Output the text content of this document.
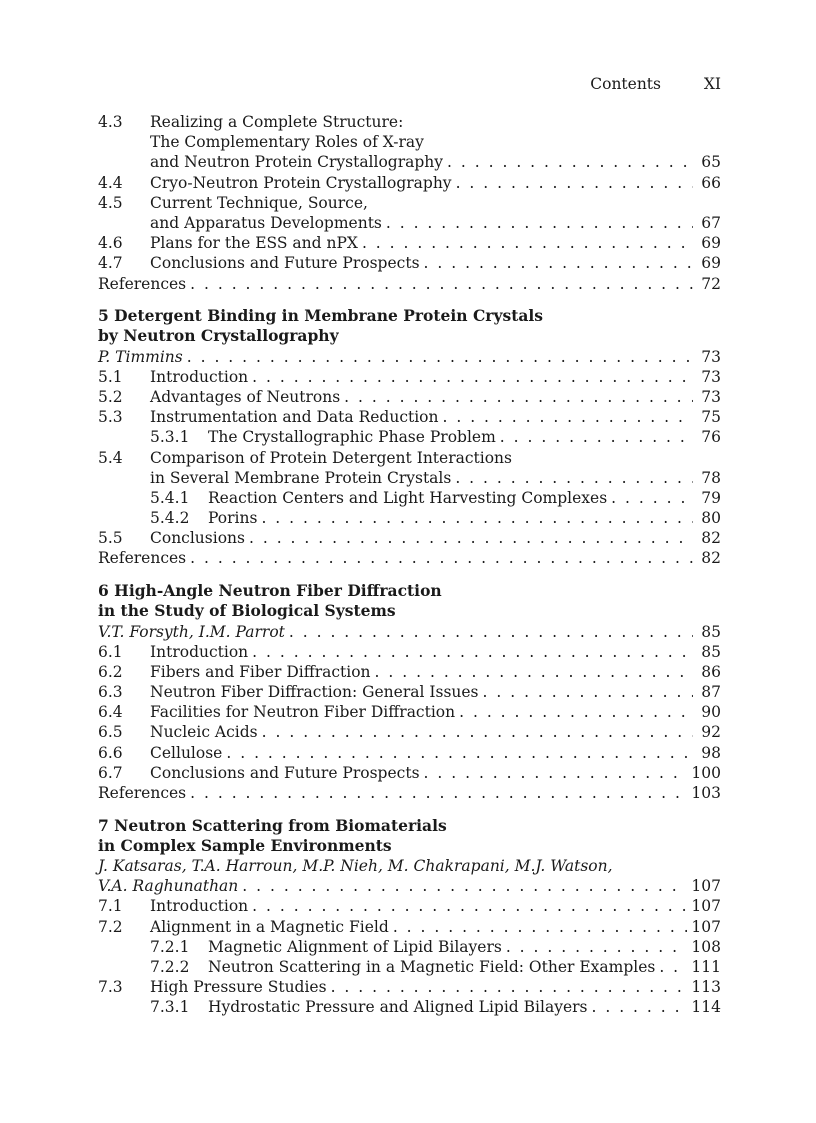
Contents	XI
4.3	Realizing a Complete Structure:
The Complementary Roles of X-ray
and Neutron Protein Crystallography . . .	65
4.4	Cryo-Neutron Protein Crystallography . . .	66
4.5	Current Technique, Source,
and Apparatus Developments . . .	67
4.6	Plans for the ESS and nPX . . .	69
4.7	Conclusions and Future Prospects . . .	69
References . . .	72
5 Detergent Binding in Membrane Protein Crystals
by Neutron Crystallography
P. Timmins . . .	73
5.1	Introduction . . .	73
5.2	Advantages of Neutrons . . .	73
5.3	Instrumentation and Data Reduction . . .	75
5.3.1	The Crystallographic Phase Problem . . .	76
5.4	Comparison of Protein Detergent Interactions
in Several Membrane Protein Crystals . . .	78
5.4.1	Reaction Centers and Light Harvesting Complexes . . .	79
5.4.2	Porins . . .	80
5.5	Conclusions . . .	82
References . . .	82
6 High-Angle Neutron Fiber Diffraction
in the Study of Biological Systems
V.T. Forsyth, I.M. Parrot . . .	85
6.1	Introduction . . .	85
6.2	Fibers and Fiber Diffraction . . .	86
6.3	Neutron Fiber Diffraction: General Issues . . .	87
6.4	Facilities for Neutron Fiber Diffraction . . .	90
6.5	Nucleic Acids . . .	92
6.6	Cellulose . . .	98
6.7	Conclusions and Future Prospects . . .	100
References . . .	103
7 Neutron Scattering from Biomaterials
in Complex Sample Environments
J. Katsaras, T.A. Harroun, M.P. Nieh, M. Chakrapani, M.J. Watson,
V.A. Raghunathan . . .	107
7.1	Introduction . . .	107
7.2	Alignment in a Magnetic Field . . .	107
7.2.1	Magnetic Alignment of Lipid Bilayers . . .	108
7.2.2	Neutron Scattering in a Magnetic Field: Other Examples . . . 111
7.3	High Pressure Studies . . .	113
7.3.1	Hydrostatic Pressure and Aligned Lipid Bilayers . . .	114
